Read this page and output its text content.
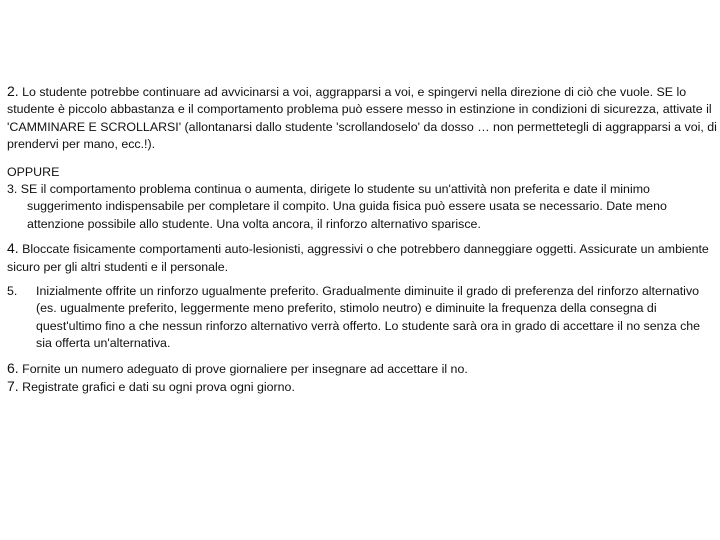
2. Lo studente potrebbe continuare ad avvicinarsi a voi, aggrapparsi a voi, e spingervi nella direzione di ciò che vuole. SE lo studente è piccolo abbastanza e il comportamento problema può essere messo in estinzione in condizioni di sicurezza, attivate il 'CAMMINARE E SCROLLARSI' (allontanarsi dallo studente 'scrollandoselo' da dosso … non permettetegli di aggrapparsi a voi, di prendervi per mano, ecc.!).

OPPURE

3. SE il comportamento problema continua o aumenta, dirigete lo studente su un'attività non preferita e date il minimo suggerimento indispensabile per completare il compito. Una guida fisica può essere usata se necessario. Date meno attenzione possibile allo studente. Una volta ancora, il rinforzo alternativo sparisce.

4. Bloccate fisicamente comportamenti auto-lesionisti, aggressivi o che potrebbero danneggiare oggetti. Assicurate un ambiente sicuro per gli altri studenti e il personale.

5.	Inizialmente offrite un rinforzo ugualmente preferito. Gradualmente diminuite il grado di preferenza del rinforzo alternativo (es. ugualmente preferito, leggermente meno preferito, stimolo neutro) e diminuite la frequenza della consegna di quest'ultimo fino a che nessun rinforzo alternativo verrà offerto. Lo studente sarà ora in grado di accettare il no senza che sia offerta un'alternativa.

6. Fornite un numero adeguato di prove giornaliere per insegnare ad accettare il no.

7. Registrate grafici e dati su ogni prova ogni giorno.
